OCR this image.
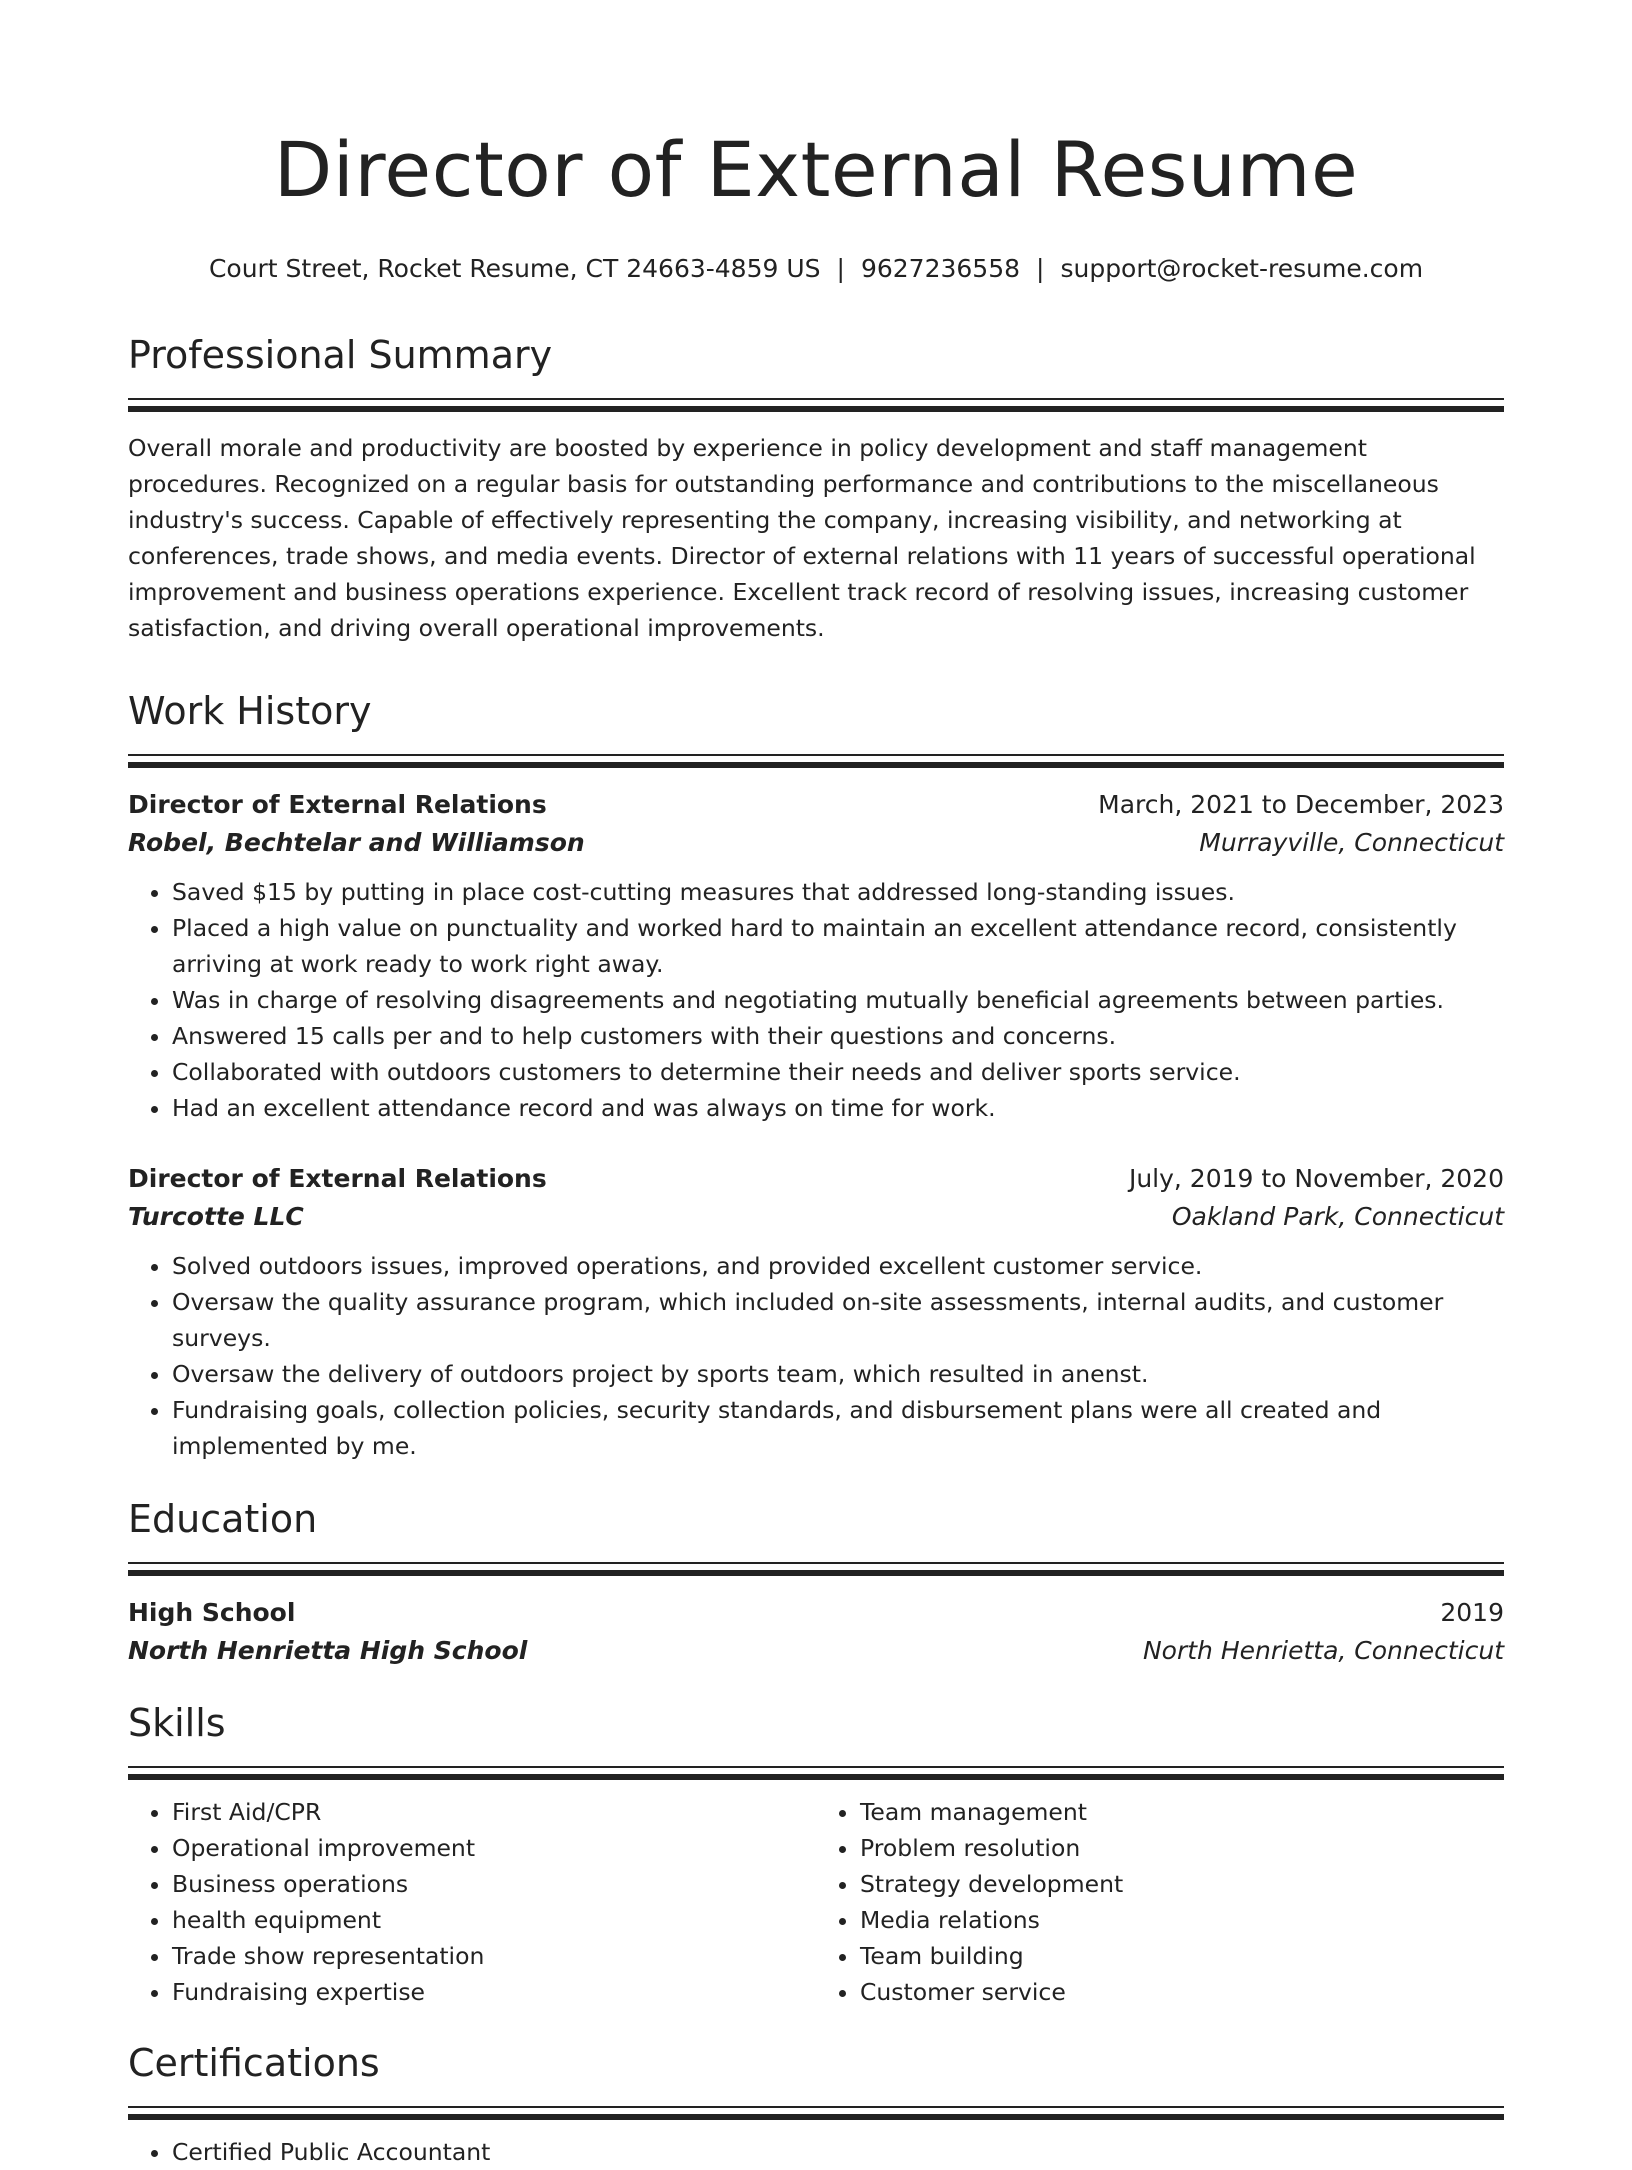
Director of External Resume
Court Street, Rocket Resume, CT 24663-4859 US | 9627236558 | support@rocket-resume.com
Professional Summary
Overall morale and productivity are boosted by experience in policy development and staff management procedures. Recognized on a regular basis for outstanding performance and contributions to the miscellaneous industry's success. Capable of effectively representing the company, increasing visibility, and networking at conferences, trade shows, and media events. Director of external relations with 11 years of successful operational improvement and business operations experience. Excellent track record of resolving issues, increasing customer satisfaction, and driving overall operational improvements.
Work History
Director of External Relations	March, 2021 to December, 2023
Robel, Bechtelar and Williamson	Murrayville, Connecticut
• Saved $15 by putting in place cost-cutting measures that addressed long-standing issues.
• Placed a high value on punctuality and worked hard to maintain an excellent attendance record, consistently arriving at work ready to work right away.
• Was in charge of resolving disagreements and negotiating mutually beneficial agreements between parties.
• Answered 15 calls per and to help customers with their questions and concerns.
• Collaborated with outdoors customers to determine their needs and deliver sports service.
• Had an excellent attendance record and was always on time for work.
Director of External Relations	July, 2019 to November, 2020
Turcotte LLC	Oakland Park, Connecticut
• Solved outdoors issues, improved operations, and provided excellent customer service.
• Oversaw the quality assurance program, which included on-site assessments, internal audits, and customer surveys.
• Oversaw the delivery of outdoors project by sports team, which resulted in anenst.
• Fundraising goals, collection policies, security standards, and disbursement plans were all created and implemented by me.
Education
High School	2019
North Henrietta High School	North Henrietta, Connecticut
Skills
• First Aid/CPR
• Operational improvement
• Business operations
• health equipment
• Trade show representation
• Fundraising expertise
• Team management
• Problem resolution
• Strategy development
• Media relations
• Team building
• Customer service
Certifications
• Certified Public Accountant
